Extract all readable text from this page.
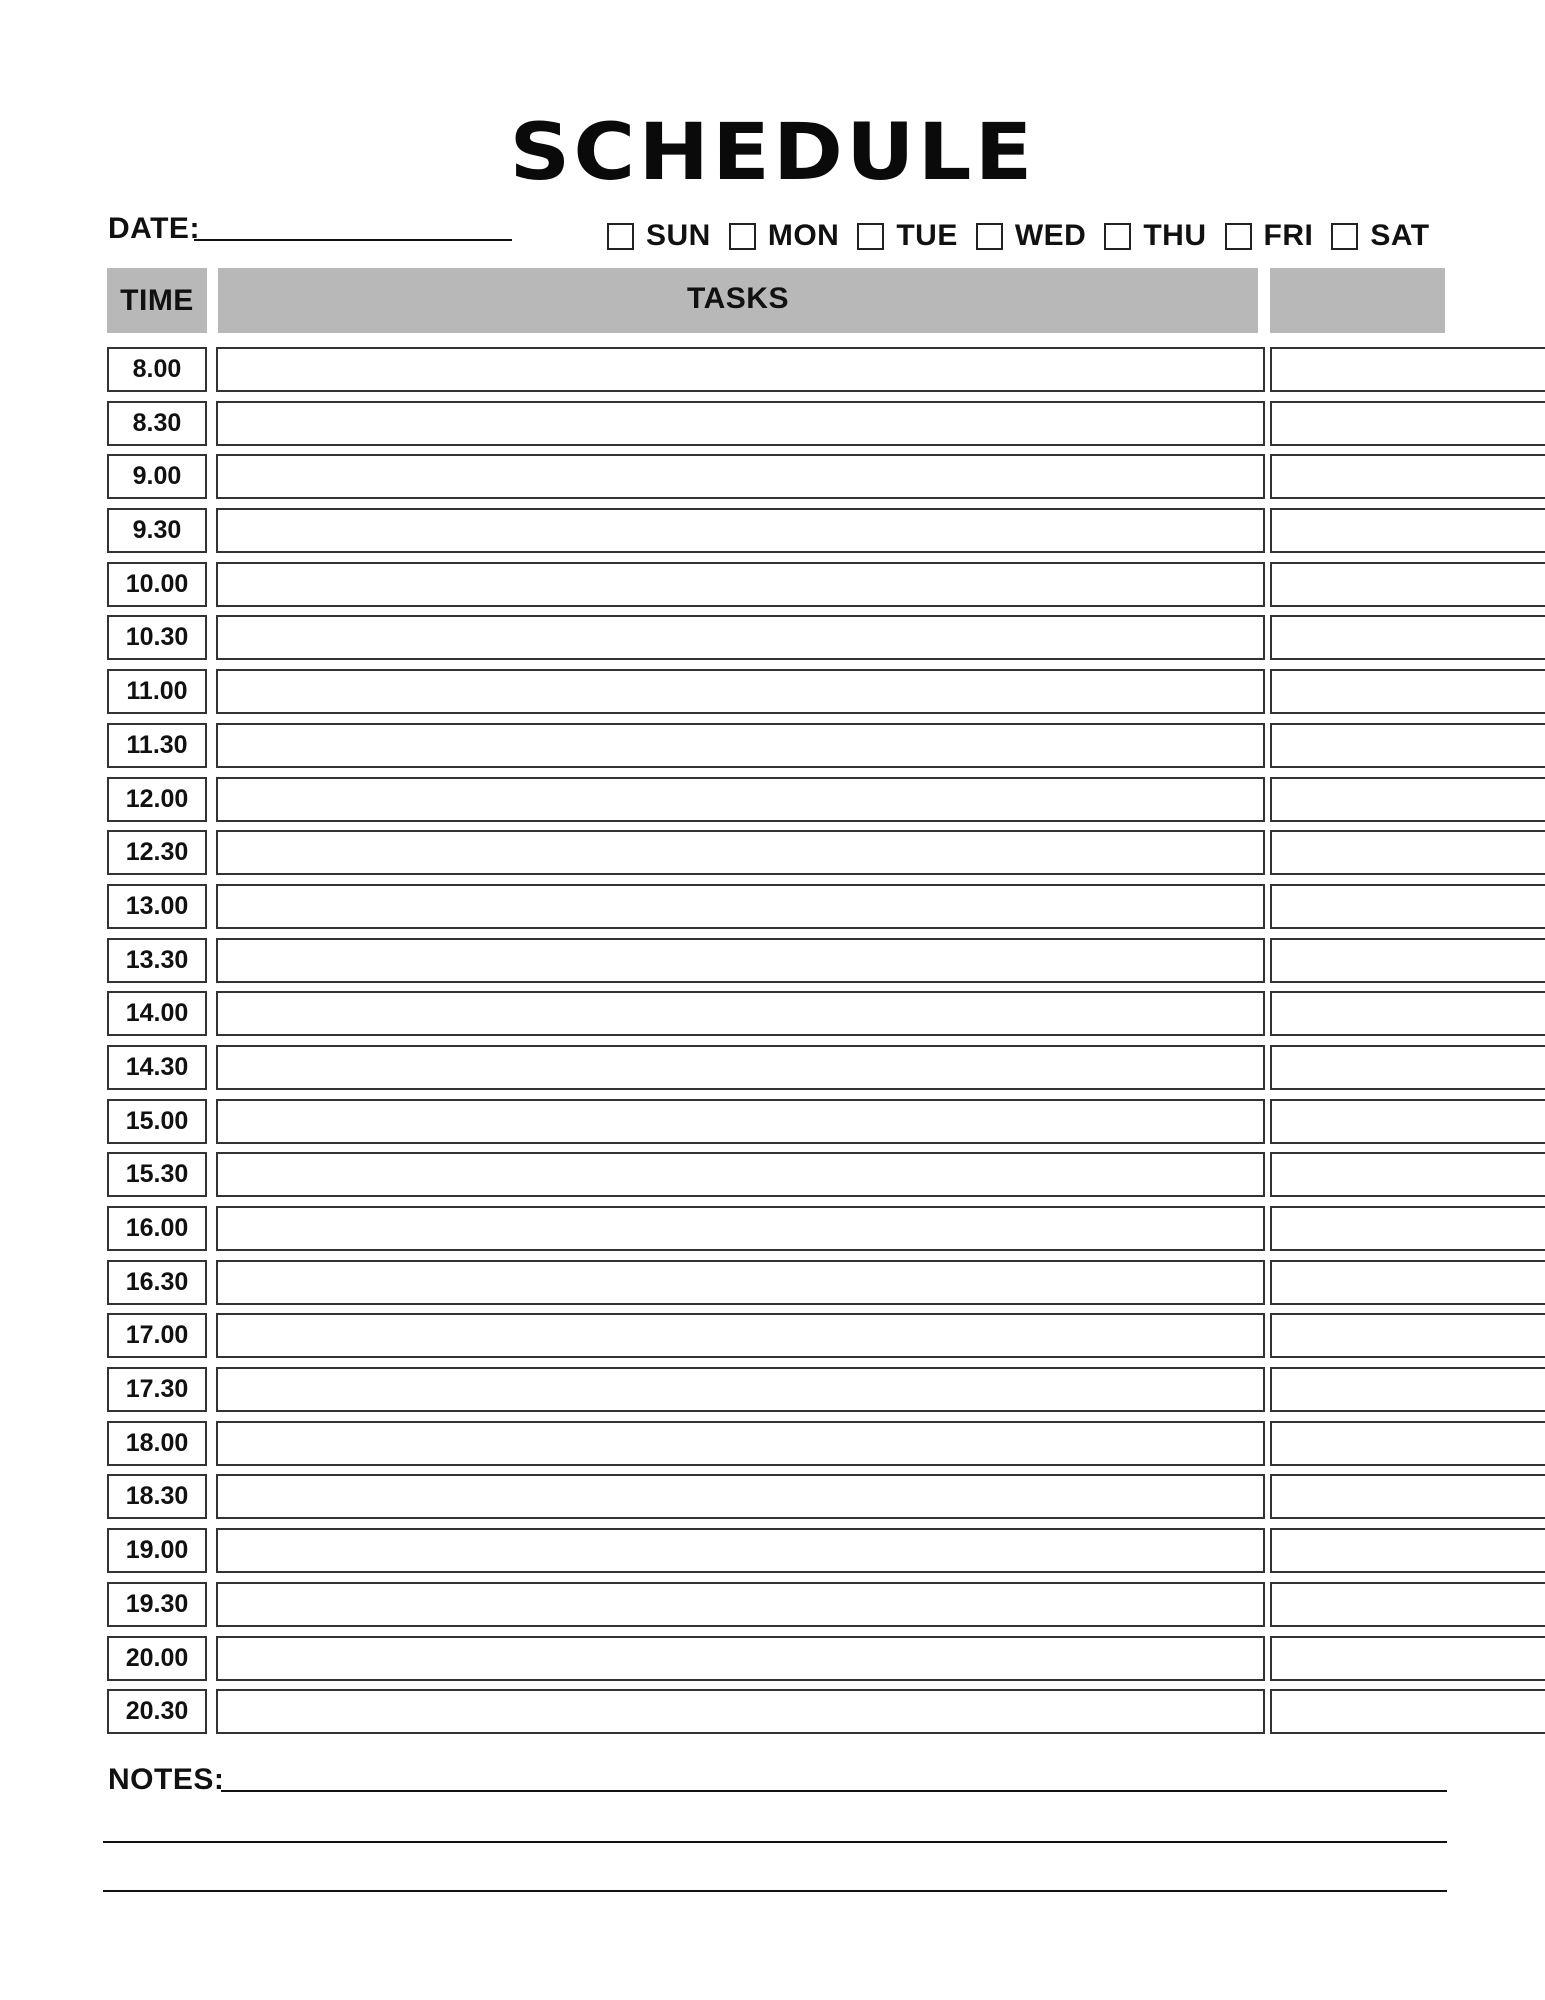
SCHEDULE
DATE:	SUN MON TUE WED THU FRI SAT
TIME	TASKS
8.00
8.30
9.00
9.30
10.00
10.30
11.00
11.30
12.00
12.30
13.00
13.30
14.00
14.30
15.00
15.30
16.00
16.30
17.00
17.30
18.00
18.30
19.00
19.30
20.00
20.30
NOTES:
